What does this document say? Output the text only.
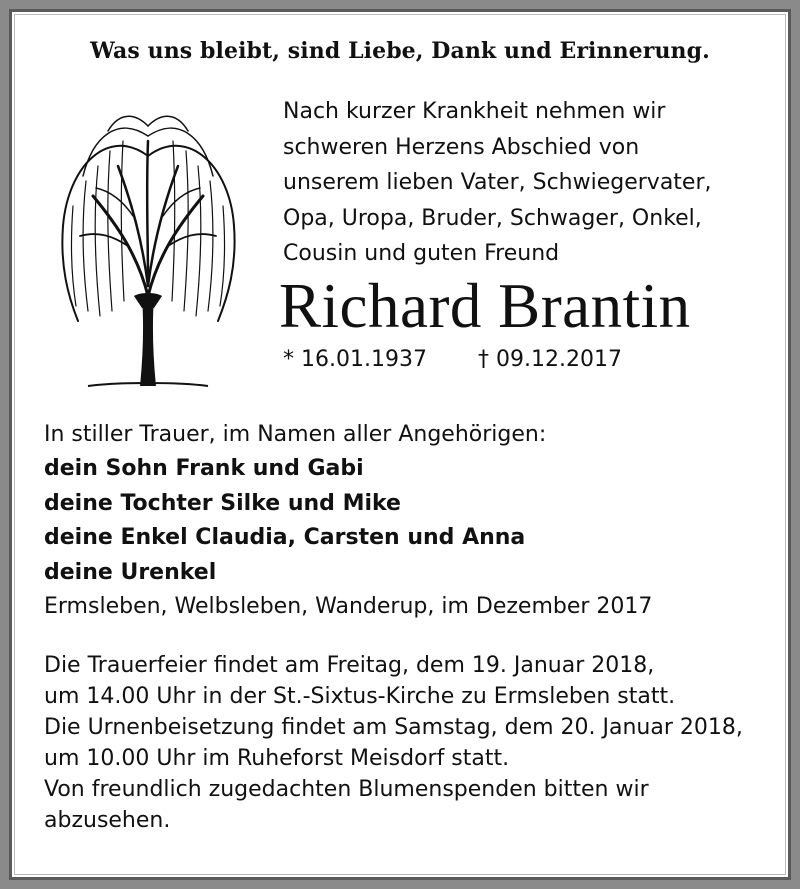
Was uns bleibt, sind Liebe, Dank und Erinnerung.
Nach kurzer Krankheit nehmen wir
schweren Herzens Abschied von
unserem lieben Vater, Schwiegervater,
Opa, Uropa, Bruder, Schwager, Onkel,
Cousin und guten Freund
Richard Brantin
* 16.01.1937 † 09.12.2017
In stiller Trauer, im Namen aller Angehörigen:
dein Sohn Frank und Gabi
deine Tochter Silke und Mike
deine Enkel Claudia, Carsten und Anna
deine Urenkel
Ermsleben, Welbsleben, Wanderup, im Dezember 2017
Die Trauerfeier findet am Freitag, dem 19. Januar 2018,
um 14.00 Uhr in der St.-Sixtus-Kirche zu Ermsleben statt.
Die Urnenbeisetzung findet am Samstag, dem 20. Januar 2018,
um 10.00 Uhr im Ruheforst Meisdorf statt.
Von freundlich zugedachten Blumenspenden bitten wir
abzusehen.
